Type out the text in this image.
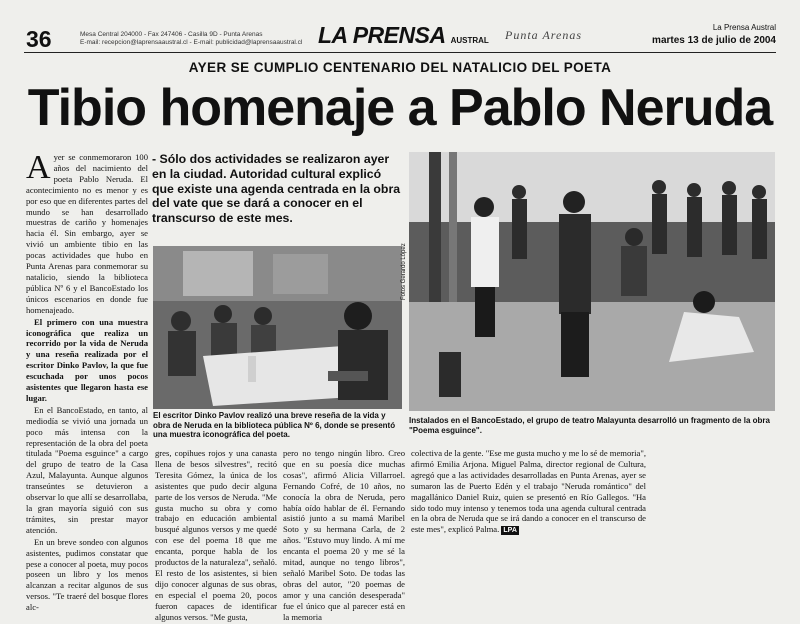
36	Mesa Central 204000 - Fax 247406 - Casilla 9D - Punta Arenas
E-mail: recepcion@laprensaaustral.cl - E-mail: publicidad@laprensaaustral.cl LA PRENSA AUSTRAL Punta Arenas
La Prensa Austral
martes 13 de julio de 2004
AYER SE CUMPLIO CENTENARIO DEL NATALICIO DEL POETA
Tibio homenaje a Pablo Neruda

Ayer se conmemoraron 100 años del nacimiento del poeta Pablo Neruda. El acontecimiento no es menor y es por eso que en diferentes partes del mundo se han desarrollado muestras de cariño y homenajes hacia él. Sin embargo, ayer se vivió un ambiente tibio en las pocas actividades que hubo en Punta Arenas para conmemorar su natalicio, siendo la biblioteca pública Nº 6 y el BancoEstado los únicos escenarios en donde fue homenajeado.

El primero con una muestra iconográfica que realiza un recorrido por la vida de Neruda y una reseña realizada por el escritor Dinko Pavlov, la que fue escuchada por unos pocos asistentes que llegaron hasta ese lugar.

En el BancoEstado, en tanto, al mediodía se vivió una jornada un poco más intensa con la representación de la obra del poeta titulada "Poema esguince" a cargo del grupo de teatro de la Casa Azul, Malayunta. Aunque algunos transeúntes se detuvieron a observar lo que allí se desarrollaba, la gran mayoría siguió con sus trámites, sin prestar mayor atención.

En un breve sondeo con algunos asistentes, pudimos constatar que pese a conocer al poeta, muy pocos poseen un libro y los menos alcanzan a recitar algunos de sus versos. "Te traeré del bosque flores alc-

- Sólo dos actividades se realizaron ayer en la ciudad. Autoridad cultural explicó que existe una agenda centrada en la obra del vate que se dará a conocer en el transcurso de este mes.
Fotos Gerardo López
El escritor Dinko Pavlov realizó una breve reseña de la vida y obra de Neruda en la biblioteca pública Nº 6, donde se presentó una muestra iconográfica del poeta.
Instalados en el BancoEstado, el grupo de teatro Malayunta desarrolló un fragmento de la obra "Poema esguince".

gres, copihues rojos y una canasta llena de besos silvestres", recitó Teresita Gómez, la única de los asistentes que pudo decir alguna parte de los versos de Neruda. "Me gusta mucho su obra y como trabajo en educación ambiental busqué algunos versos y me quedé con ese del poema 18 que me encanta, porque habla de los productos de la naturaleza", señaló. El resto de los asistentes, si bien dijo conocer algunas de sus obras, en especial el poema 20, pocos fueron capaces de identificar algunos versos. "Me gusta,

pero no tengo ningún libro. Creo que en su poesía dice muchas cosas", afirmó Alicia Villarroel. Fernando Cofré, de 10 años, no conocía la obra de Neruda, pero había oído hablar de él. Fernando asistió junto a su mamá Maribel Soto y su hermana Carla, de 2 años. "Estuvo muy lindo. A mí me encanta el poema 20 y me sé la mitad, aunque no tengo libros", señaló Maribel Soto. De todas las obras del autor, "20 poemas de amor y una canción desesperada" fue el único que al parecer está en la memoria

colectiva de la gente. "Ese me gusta mucho y me lo sé de memoria", afirmó Emilia Arjona. Miguel Palma, director regional de Cultura, agregó que a las actividades desarrolladas en Punta Arenas, ayer se sumaron las de Puerto Edén y el trabajo "Neruda romántico" del magallánico Daniel Ruiz, quien se presentó en Río Gallegos. "Ha sido todo muy intenso y tenemos toda una agenda cultural centrada en la obra de Neruda que se irá dando a conocer en el transcurso de este mes", explicó Palma. LPA
